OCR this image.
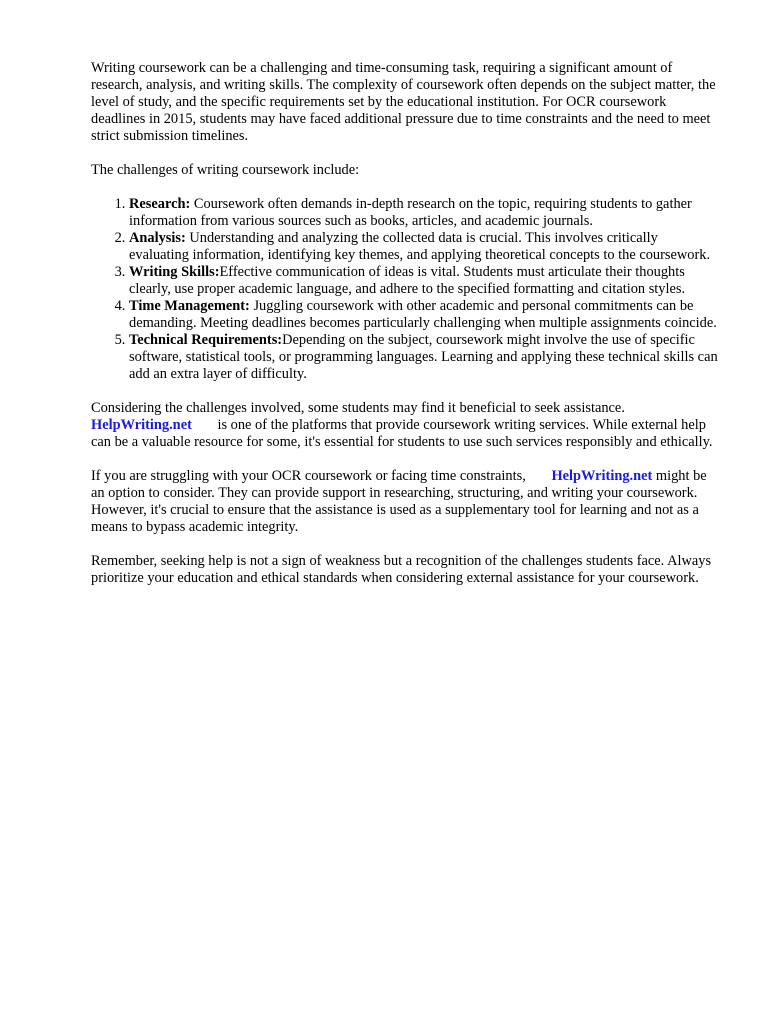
Writing coursework can be a challenging and time-consuming task, requiring a significant amount of research, analysis, and writing skills. The complexity of coursework often depends on the subject matter, the level of study, and the specific requirements set by the educational institution. For OCR coursework deadlines in 2015, students may have faced additional pressure due to time constraints and the need to meet strict submission timelines.

The challenges of writing coursework include:

1. Research: Coursework often demands in-depth research on the topic, requiring students to gather information from various sources such as books, articles, and academic journals.
2. Analysis: Understanding and analyzing the collected data is crucial. This involves critically evaluating information, identifying key themes, and applying theoretical concepts to the coursework.
3. Writing Skills:Effective communication of ideas is vital. Students must articulate their thoughts clearly, use proper academic language, and adhere to the specified formatting and citation styles.
4. Time Management: Juggling coursework with other academic and personal commitments can be demanding. Meeting deadlines becomes particularly challenging when multiple assignments coincide.
5. Technical Requirements:Depending on the subject, coursework might involve the use of specific software, statistical tools, or programming languages. Learning and applying these technical skills can add an extra layer of difficulty.

Considering the challenges involved, some students may find it beneficial to seek assistance.
HelpWriting.net is one of the platforms that provide coursework writing services. While external help can be a valuable resource for some, it's essential for students to use such services responsibly and ethically.

If you are struggling with your OCR coursework or facing time constraints, HelpWriting.net might be an option to consider. They can provide support in researching, structuring, and writing your coursework. However, it's crucial to ensure that the assistance is used as a supplementary tool for learning and not as a means to bypass academic integrity.

Remember, seeking help is not a sign of weakness but a recognition of the challenges students face. Always prioritize your education and ethical standards when considering external assistance for your coursework.
